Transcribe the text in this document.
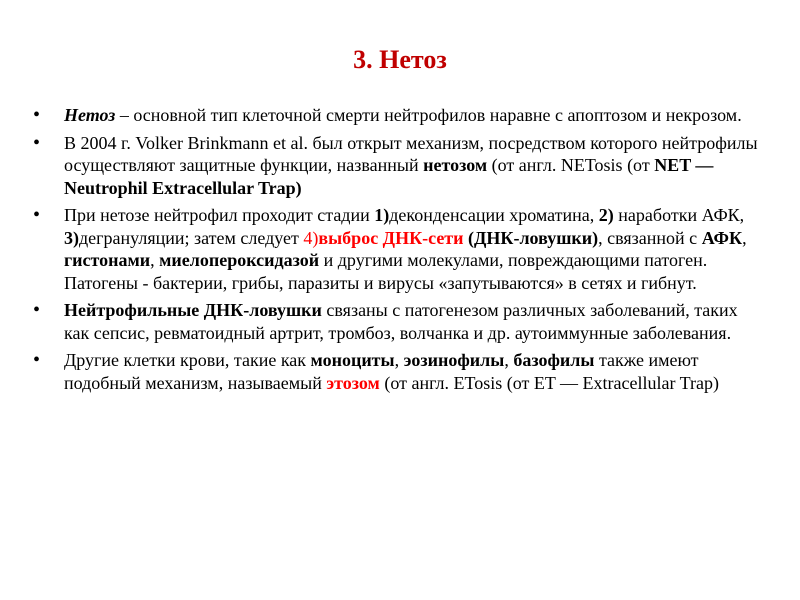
3. Нетоз
• Нетоз – основной тип клеточной смерти нейтрофилов наравне с апоптозом и некрозом.
• В 2004 г. Volker Brinkmann et al. был открыт механизм, посредством которого нейтрофилы осуществляют защитные функции, названный нетозом (от англ. NETosis (от NET — Neutrophil Extracellular Trap)
• При нетозе нейтрофил проходит стадии 1)деконденсации хроматина, 2) наработки АФК, 3)дегрануляции; затем следует 4)выброс ДНК-сети (ДНК-ловушки), связанной с АФК, гистонами, миелопероксидазой и другими молекулами, повреждающими патоген. Патогены - бактерии, грибы, паразиты и вирусы «запутываются» в сетях и гибнут.
• Нейтрофильные ДНК-ловушки связаны с патогенезом различных заболеваний, таких как сепсис, ревматоидный артрит, тромбоз, волчанка и др. аутоиммунные заболевания.
• Другие клетки крови, такие как моноциты, эозинофилы, базофилы также имеют подобный механизм, называемый этозом (от англ. ETosis (от ET — Extracellular Trap)
